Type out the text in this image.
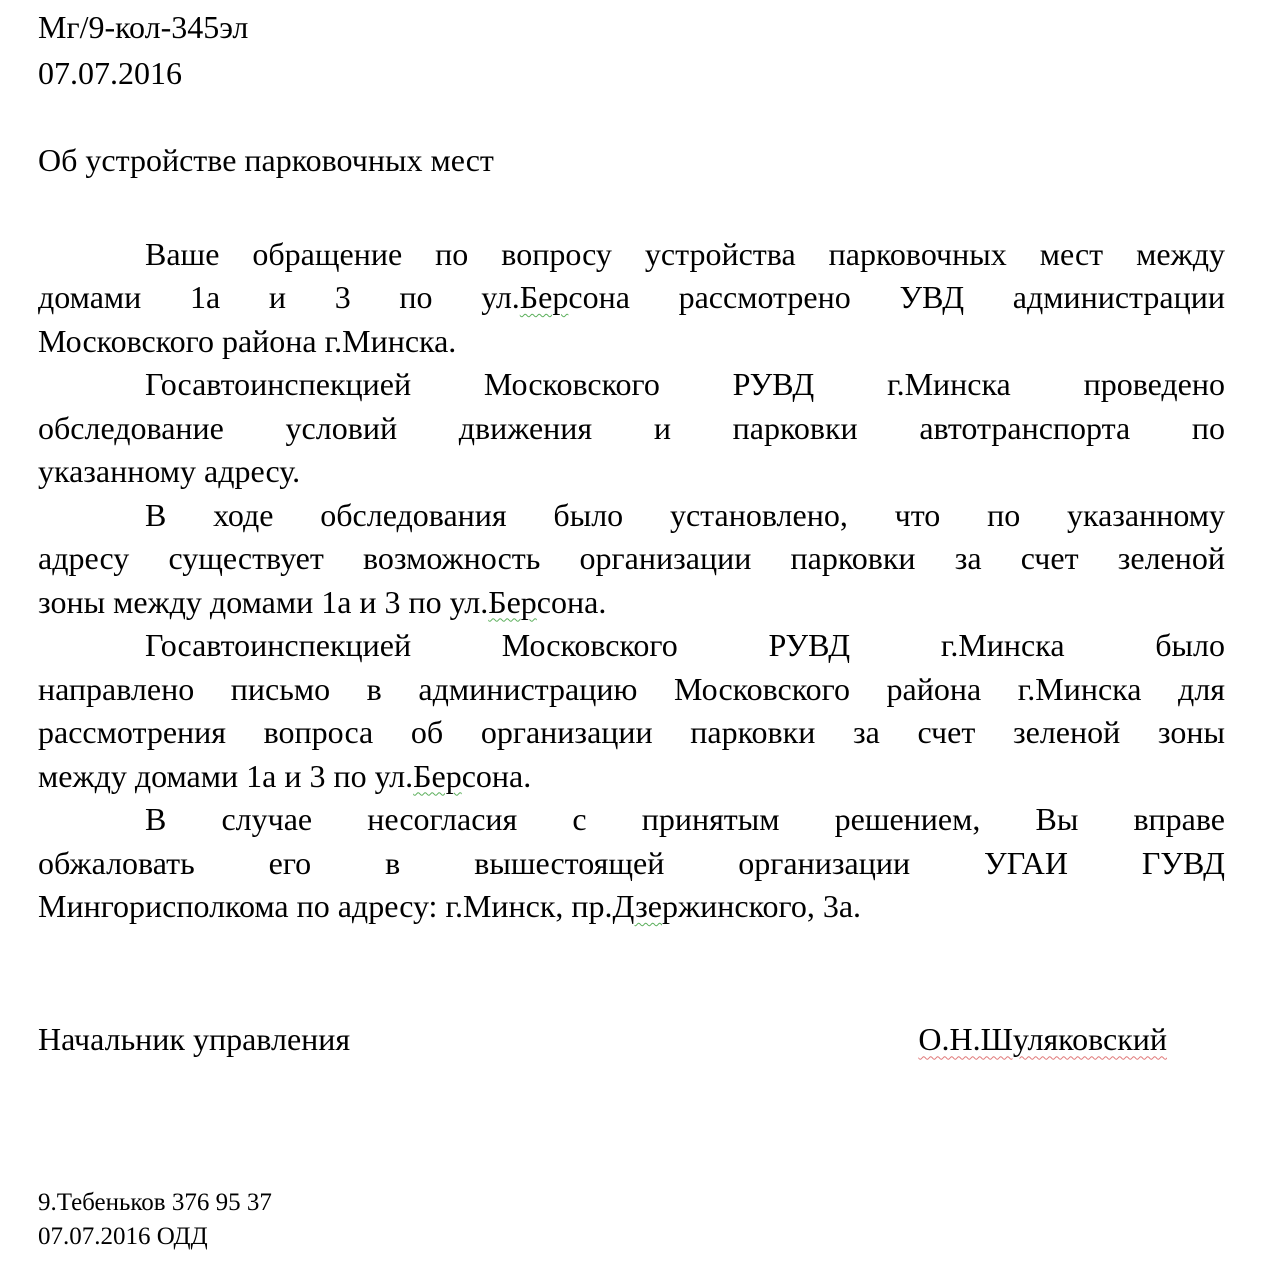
Мг/9-кол-345эл
07.07.2016
Об устройстве парковочных мест
Ваше обращение по вопросу устройства парковочных мест между
домами 1а и 3 по ул.Берсона рассмотрено УВД администрации
Московского района г.Минска.
Госавтоинспекцией Московского РУВД г.Минска проведено
обследование условий движения и парковки автотранспорта по
указанному адресу.
В ходе обследования было установлено, что по указанному
адресу существует возможность организации парковки за счет зеленой
зоны между домами 1а и 3 по ул.Берсона.
Госавтоинспекцией Московского РУВД г.Минска было
направлено письмо в администрацию Московского района г.Минска для
рассмотрения вопроса об организации парковки за счет зеленой зоны
между домами 1а и 3 по ул.Берсона.
В случае несогласия с принятым решением, Вы вправе
обжаловать его в вышестоящей организации УГАИ ГУВД
Мингорисполкома по адресу: г.Минск, пр.Дзержинского, 3а.
Начальник управления	О.Н.Шуляковский
9.Тебеньков 376 95 37
07.07.2016 ОДД
